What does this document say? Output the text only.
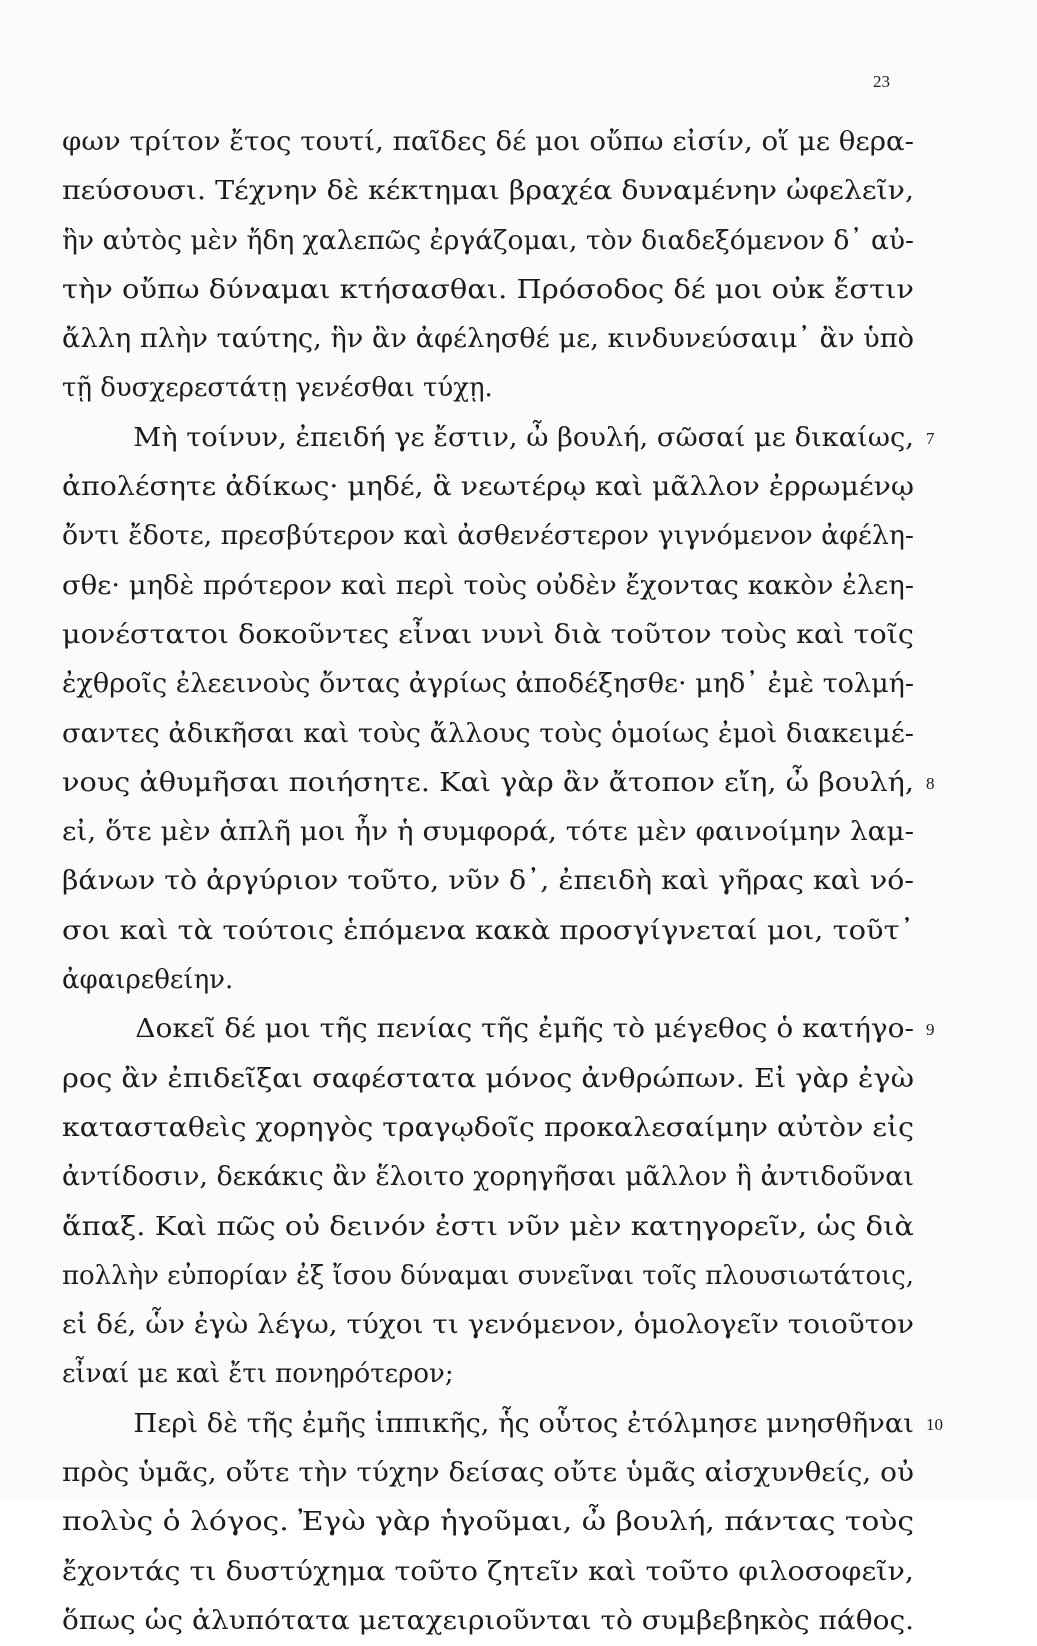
23
φων τρίτον ἔτος τουτί, παῖδες δέ μοι οὔπω εἰσίν, οἵ με θερα-
πεύσουσι. Τέχνην δὲ κέκτημαι βραχέα δυναμένην ὠφελεῖν,
ἣν αὐτὸς μὲν ἤδη χαλεπῶς ἐργάζομαι, τὸν διαδεξόμενον δ᾽ αὐ-
τὴν οὔπω δύναμαι κτήσασθαι. Πρόσοδος δέ μοι οὐκ ἔστιν
ἄλλη πλὴν ταύτης, ἣν ἂν ἀφέλησθέ με, κινδυνεύσαιμ᾽ ἂν ὑπὸ
τῇ δυσχερεστάτῃ γενέσθαι τύχῃ.
Μὴ τοίνυν, ἐπειδή γε ἔστιν, ὦ βουλή, σῶσαί με δικαίως, 7
ἀπολέσητε ἀδίκως· μηδέ, ἃ νεωτέρῳ καὶ μᾶλλον ἐρρωμένῳ
ὄντι ἔδοτε, πρεσβύτερον καὶ ἀσθενέστερον γιγνόμενον ἀφέλη-
σθε· μηδὲ πρότερον καὶ περὶ τοὺς οὐδὲν ἔχοντας κακὸν ἐλεη-
μονέστατοι δοκοῦντες εἶναι νυνὶ διὰ τοῦτον τοὺς καὶ τοῖς
ἐχθροῖς ἐλεεινοὺς ὄντας ἀγρίως ἀποδέξησθε· μηδ᾽ ἐμὲ τολμή-
σαντες ἀδικῆσαι καὶ τοὺς ἄλλους τοὺς ὁμοίως ἐμοὶ διακειμέ-
νους ἀθυμῆσαι ποιήσητε. Καὶ γὰρ ἂν ἄτοπον εἴη, ὦ βουλή, 8
εἰ, ὅτε μὲν ἁπλῆ μοι ἦν ἡ συμφορά, τότε μὲν φαινοίμην λαμ-
βάνων τὸ ἀργύριον τοῦτο, νῦν δ᾽, ἐπειδὴ καὶ γῆρας καὶ νό-
σοι καὶ τὰ τούτοις ἑπόμενα κακὰ προσγίγνεταί μοι, τοῦτ᾽
ἀφαιρεθείην.
Δοκεῖ δέ μοι τῆς πενίας τῆς ἐμῆς τὸ μέγεθος ὁ κατήγο- 9
ρος ἂν ἐπιδεῖξαι σαφέστατα μόνος ἀνθρώπων. Εἰ γὰρ ἐγὼ
κατασταθεὶς χορηγὸς τραγῳδοῖς προκαλεσαίμην αὐτὸν εἰς
ἀντίδοσιν, δεκάκις ἂν ἕλοιτο χορηγῆσαι μᾶλλον ἢ ἀντιδοῦναι
ἅπαξ. Καὶ πῶς οὐ δεινόν ἐστι νῦν μὲν κατηγορεῖν, ὡς διὰ
πολλὴν εὐπορίαν ἐξ ἴσου δύναμαι συνεῖναι τοῖς πλουσιωτάτοις,
εἰ δέ, ὧν ἐγὼ λέγω, τύχοι τι γενόμενον, ὁμολογεῖν τοιοῦτον
εἶναί με καὶ ἔτι πονηρότερον;
Περὶ δὲ τῆς ἐμῆς ἱππικῆς, ἧς οὗτος ἐτόλμησε μνησθῆναι 10
πρὸς ὑμᾶς, οὔτε τὴν τύχην δείσας οὔτε ὑμᾶς αἰσχυνθείς, οὐ
πολὺς ὁ λόγος. Ἐγὼ γὰρ ἡγοῦμαι, ὦ βουλή, πάντας τοὺς
ἔχοντάς τι δυστύχημα τοῦτο ζητεῖν καὶ τοῦτο φιλοσοφεῖν,
ὅπως ὡς ἀλυπότατα μεταχειριοῦνται τὸ συμβεβηκὸς πάθος.
